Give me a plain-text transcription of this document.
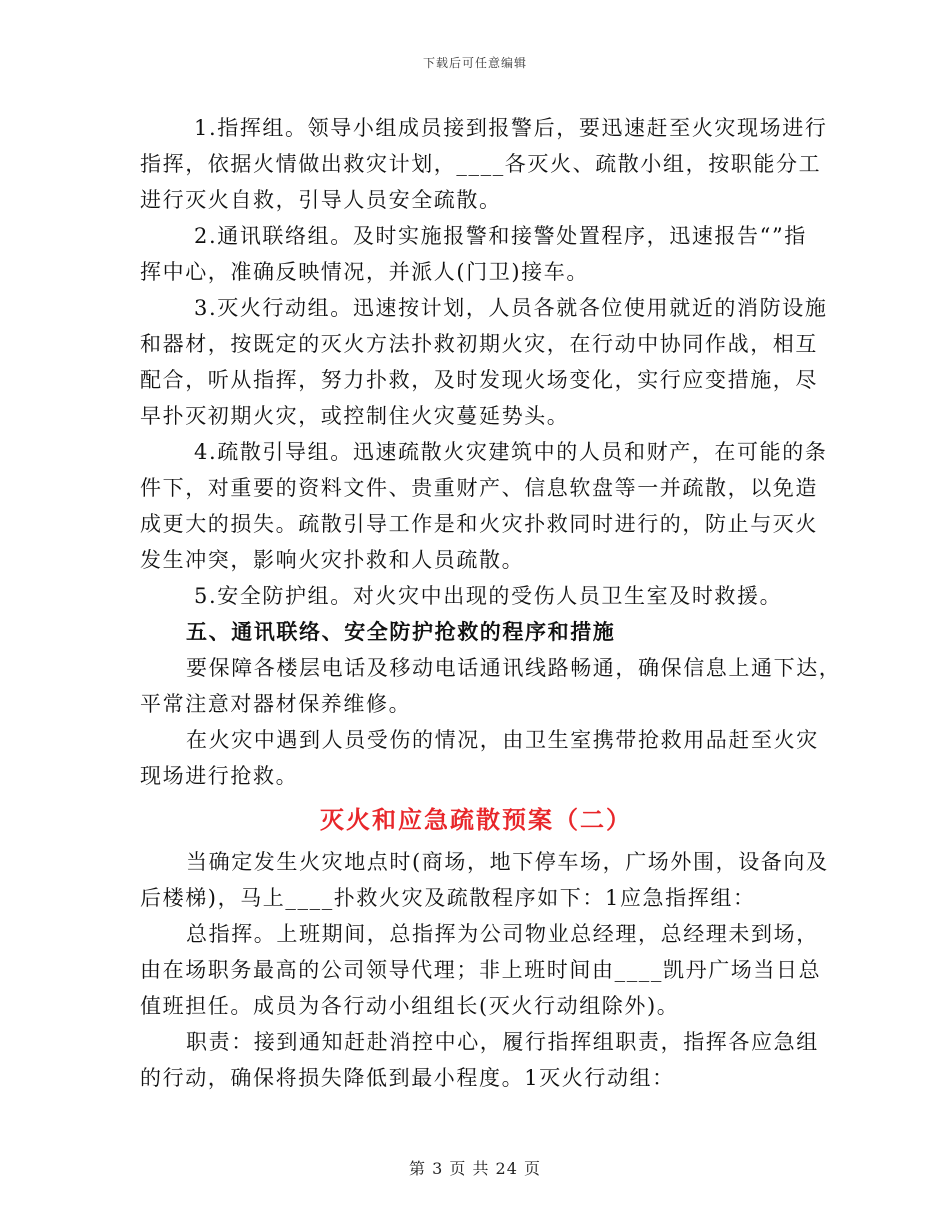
下载后可任意编辑

1.指挥组。领导小组成员接到报警后，要迅速赶至火灾现场进行
指挥，依据火情做出救灾计划，____各灭火、疏散小组，按职能分工
进行灭火自救，引导人员安全疏散。

2.通讯联络组。及时实施报警和接警处置程序，迅速报告“”指
挥中心，准确反映情况，并派人(门卫)接车。

3.灭火行动组。迅速按计划，人员各就各位使用就近的消防设施
和器材，按既定的灭火方法扑救初期火灾，在行动中协同作战，相互
配合，听从指挥，努力扑救，及时发现火场变化，实行应变措施，尽
早扑灭初期火灾，或控制住火灾蔓延势头。

4.疏散引导组。迅速疏散火灾建筑中的人员和财产，在可能的条
件下，对重要的资料文件、贵重财产、信息软盘等一并疏散，以免造
成更大的损失。疏散引导工作是和火灾扑救同时进行的，防止与灭火
发生冲突，影响火灾扑救和人员疏散。

5.安全防护组。对火灾中出现的受伤人员卫生室及时救援。

五、通讯联络、安全防护抢救的程序和措施

要保障各楼层电话及移动电话通讯线路畅通，确保信息上通下达，
平常注意对器材保养维修。

在火灾中遇到人员受伤的情况，由卫生室携带抢救用品赶至火灾
现场进行抢救。

灭火和应急疏散预案（二）

当确定发生火灾地点时(商场，地下停车场，广场外围，设备向及
后楼梯)，马上____扑救火灾及疏散程序如下：1应急指挥组：

总指挥。上班期间，总指挥为公司物业总经理，总经理未到场，
由在场职务最高的公司领导代理；非上班时间由____凯丹广场当日总
值班担任。成员为各行动小组组长(灭火行动组除外)。

职责：接到通知赶赴消控中心，履行指挥组职责，指挥各应急组
的行动，确保将损失降低到最小程度。1灭火行动组：

第 3 页 共 24 页
